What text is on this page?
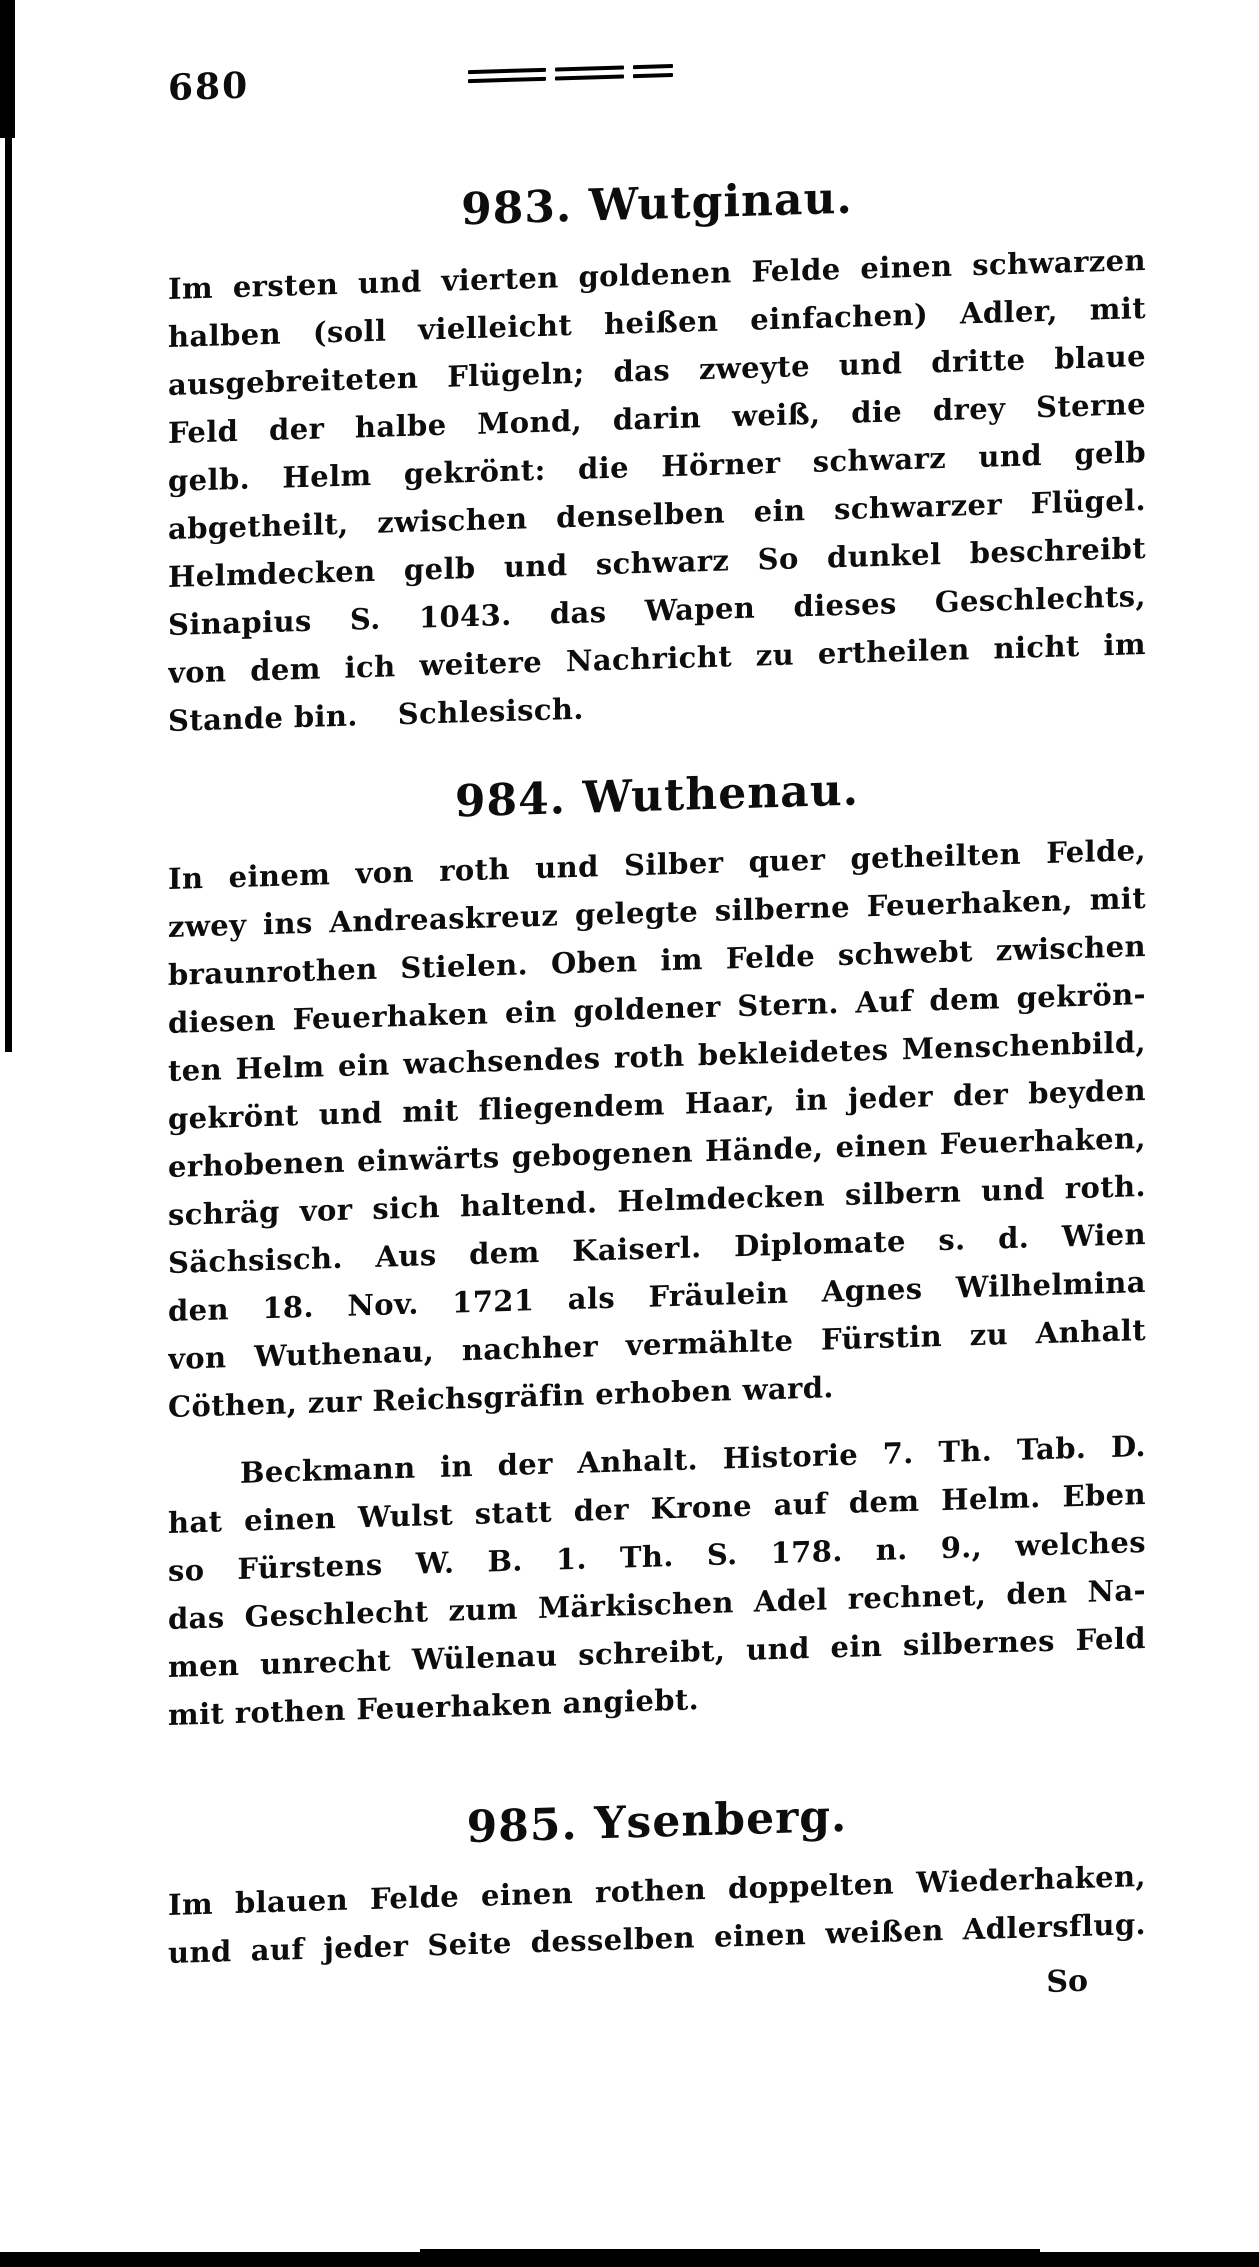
680
983. Wutginau.
Im ersten und vierten goldenen Felde einen schwarzen
halben (soll vielleicht heißen einfachen) Adler, mit
ausgebreiteten Flügeln; das zweyte und dritte blaue
Feld der halbe Mond, darin weiß, die drey Sterne
gelb. Helm gekrönt: die Hörner schwarz und gelb
abgetheilt, zwischen denselben ein schwarzer Flügel.
Helmdecken gelb und schwarz So dunkel beschreibt
Sinapius S. 1043. das Wapen dieses Geschlechts,
von dem ich weitere Nachricht zu ertheilen nicht im
Stande bin.  Schlesisch.
984. Wuthenau.
In einem von roth und Silber quer getheilten Felde,
zwey ins Andreaskreuz gelegte silberne Feuerhaken, mit
braunrothen Stielen. Oben im Felde schwebt zwischen
diesen Feuerhaken ein goldener Stern. Auf dem gekrön-
ten Helm ein wachsendes roth bekleidetes Menschenbild,
gekrönt und mit fliegendem Haar, in jeder der beyden
erhobenen einwärts gebogenen Hände, einen Feuerhaken,
schräg vor sich haltend. Helmdecken silbern und roth.
Sächsisch. Aus dem Kaiserl. Diplomate s. d. Wien
den 18. Nov. 1721 als Fräulein Agnes Wilhelmina
von Wuthenau, nachher vermählte Fürstin zu Anhalt
Cöthen, zur Reichsgräfin erhoben ward.
Beckmann in der Anhalt. Historie 7. Th. Tab. D.
hat einen Wulst statt der Krone auf dem Helm. Eben
so Fürstens W. B. 1. Th. S. 178. n. 9., welches
das Geschlecht zum Märkischen Adel rechnet, den Na-
men unrecht Wülenau schreibt, und ein silbernes Feld
mit rothen Feuerhaken angiebt.
985. Ysenberg.
Im blauen Felde einen rothen doppelten Wiederhaken,
und auf jeder Seite desselben einen weißen Adlersflug.
So
